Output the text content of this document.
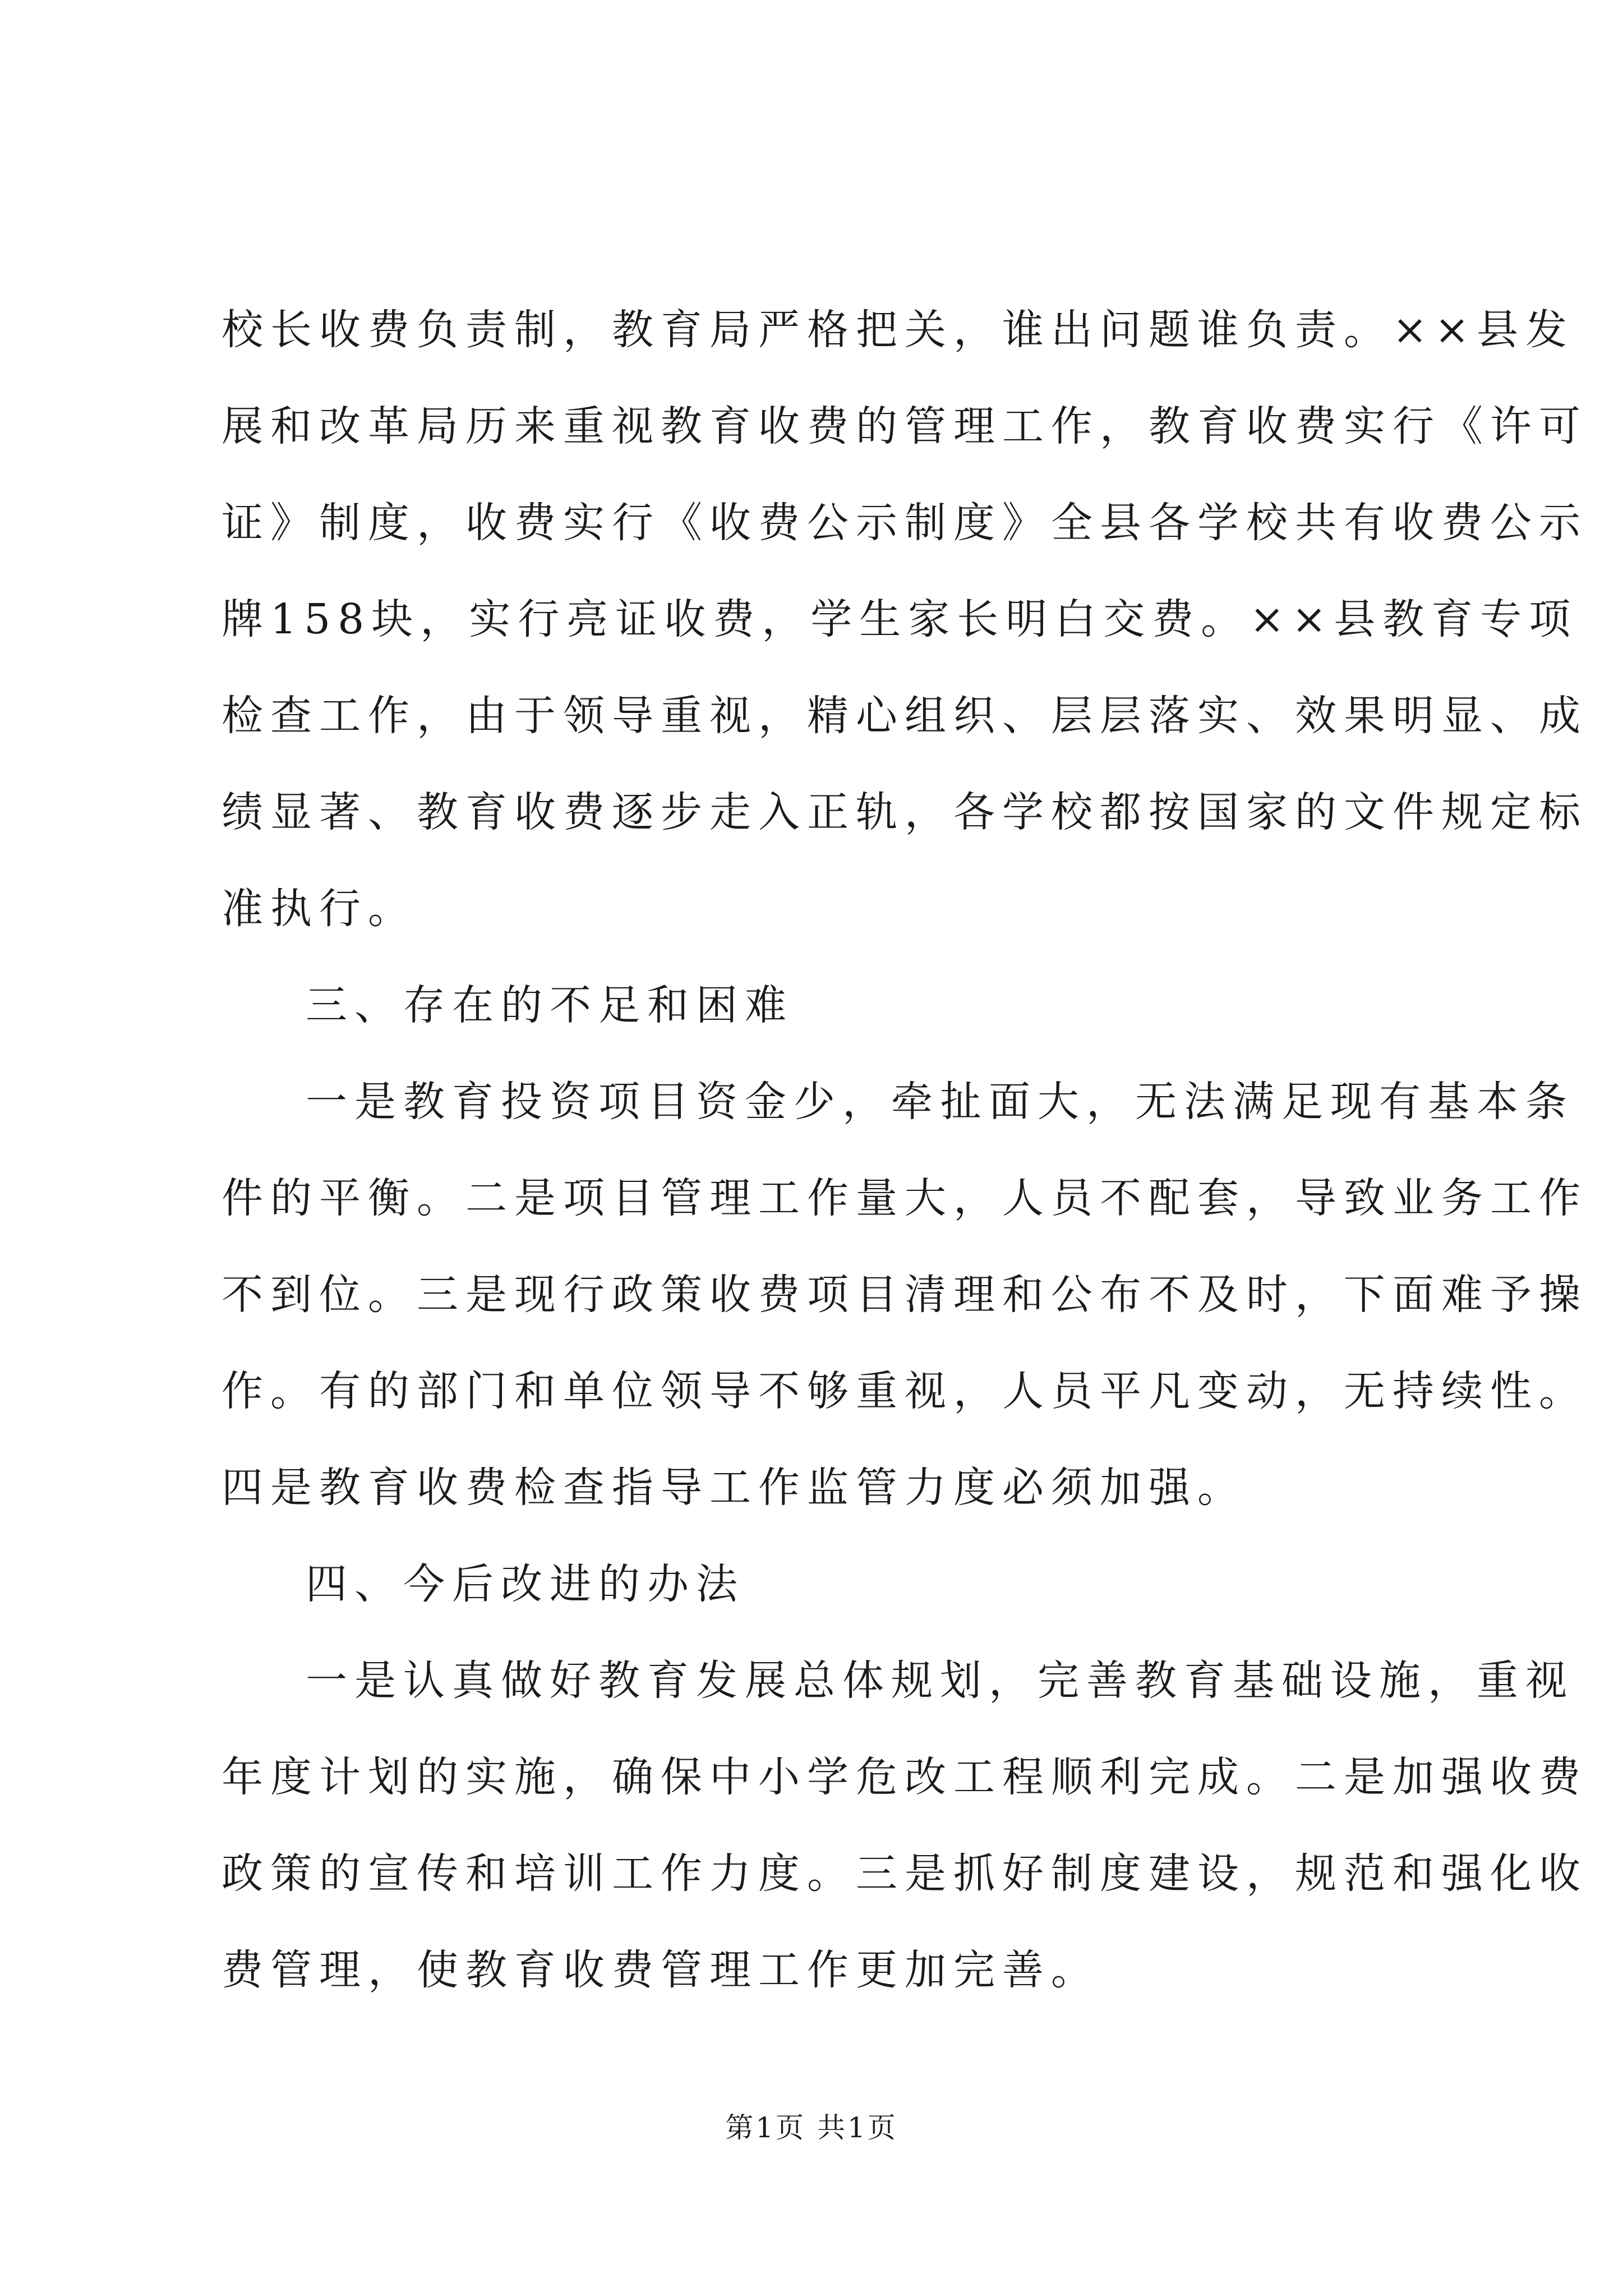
校长收费负责制，教育局严格把关，谁出问题谁负责。××县发
展和改革局历来重视教育收费的管理工作，教育收费实行《许可
证》制度，收费实行《收费公示制度》全县各学校共有收费公示
牌158块，实行亮证收费，学生家长明白交费。××县教育专项
检查工作，由于领导重视，精心组织、层层落实、效果明显、成
绩显著、教育收费逐步走入正轨，各学校都按国家的文件规定标
准执行。
三、存在的不足和困难
一是教育投资项目资金少，牵扯面大，无法满足现有基本条
件的平衡。二是项目管理工作量大，人员不配套，导致业务工作
不到位。三是现行政策收费项目清理和公布不及时，下面难予操
作。有的部门和单位领导不够重视，人员平凡变动，无持续性。
四是教育收费检查指导工作监管力度必须加强。
四、今后改进的办法
一是认真做好教育发展总体规划，完善教育基础设施，重视
年度计划的实施，确保中小学危改工程顺利完成。二是加强收费
政策的宣传和培训工作力度。三是抓好制度建设，规范和强化收
费管理，使教育收费管理工作更加完善。
第1页 共1页
